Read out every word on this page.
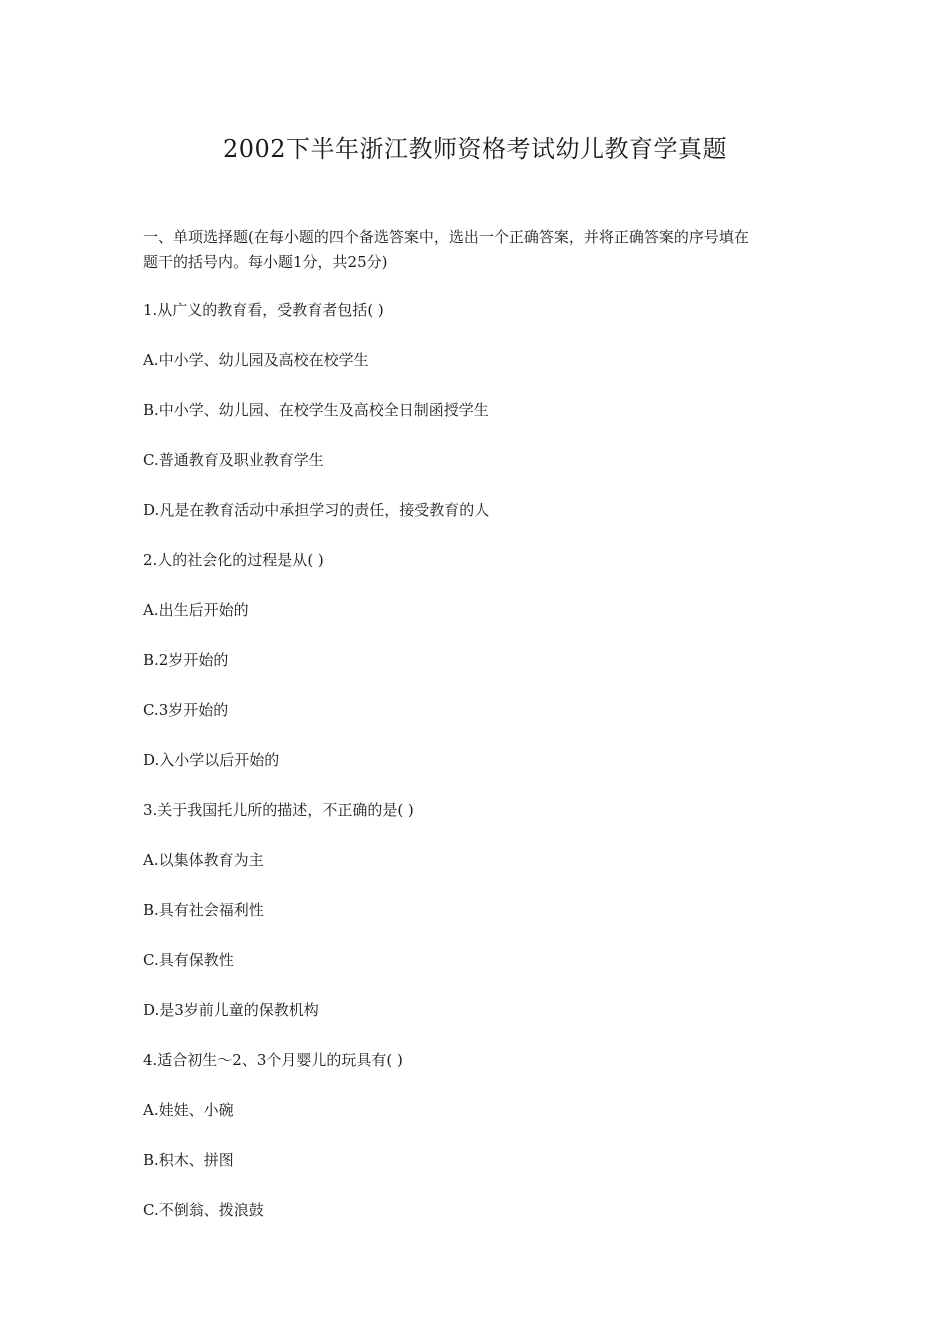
2002下半年浙江教师资格考试幼儿教育学真题
一、单项选择题(在每小题的四个备选答案中，选出一个正确答案，并将正确答案的序号填在
题干的括号内。每小题1分，共25分)

1.从广义的教育看，受教育者包括( )

A.中小学、幼儿园及高校在校学生

B.中小学、幼儿园、在校学生及高校全日制函授学生

C.普通教育及职业教育学生

D.凡是在教育活动中承担学习的责任，接受教育的人

2.人的社会化的过程是从( )

A.出生后开始的

B.2岁开始的

C.3岁开始的

D.入小学以后开始的

3.关于我国托儿所的描述，不正确的是( )

A.以集体教育为主

B.具有社会福利性

C.具有保教性

D.是3岁前儿童的保教机构

4.适合初生～2、3个月婴儿的玩具有( )

A.娃娃、小碗

B.积木、拼图

C.不倒翁、拨浪鼓
